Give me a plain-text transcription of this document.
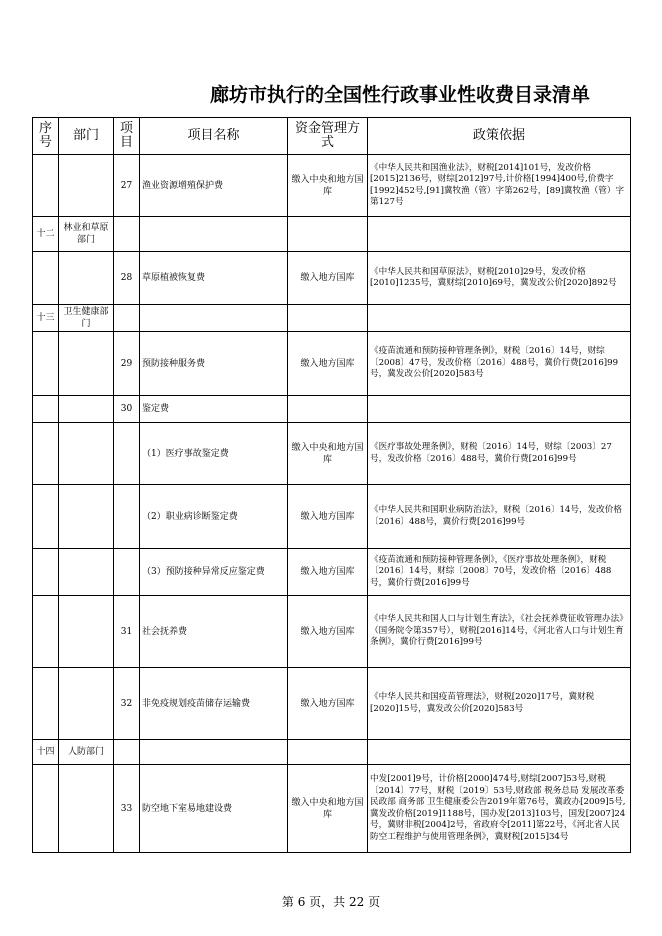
廊坊市执行的全国性行政事业性收费目录清单
序号	部门	项目	项目名称	资金管理方式	政策依据
		27	渔业资源增殖保护费	缴入中央和地方国库	《中华人民共和国渔业法》，财税[2014]101号，发改价格[2015]2136号，财综[2012]97号,计价格[1994]400号,价费字[1992]452号,[91]冀牧渔（管）字第262号，[89]冀牧渔（管）字第127号
十二	林业和草原部门				
		28	草原植被恢复费	缴入地方国库	《中华人民共和国草原法》，财税[2010]29号，发改价格[2010]1235号，冀财综[2010]69号，冀发改公价[2020]892号
十三	卫生健康部门				
		29	预防接种服务费	缴入地方国库	《疫苗流通和预防接种管理条例》，财税〔2016〕14号，财综〔2008〕47号，发改价格〔2016〕488号，冀价行费[2016]99号，冀发改公价[2020]583号
		30	鉴定费		
			（1）医疗事故鉴定费	缴入中央和地方国库	《医疗事故处理条例》，财税〔2016〕14号，财综〔2003〕27号，发改价格〔2016〕488号，冀价行费[2016]99号
			（2）职业病诊断鉴定费	缴入地方国库	《中华人民共和国职业病防治法》，财税〔2016〕14号，发改价格〔2016〕488号，冀价行费[2016]99号
			（3）预防接种异常反应鉴定费	缴入地方国库	《疫苗流通和预防接种管理条例》，《医疗事故处理条例》，财税〔2016〕14号，财综〔2008〕70号，发改价格〔2016〕488号，冀价行费[2016]99号
		31	社会抚养费	缴入地方国库	《中华人民共和国人口与计划生育法》，《社会抚养费征收管理办法》（国务院令第357号），财税[2016]14号，《河北省人口与计划生育条例》，冀价行费[2016]99号
		32	非免疫规划疫苗储存运输费	缴入地方国库	《中华人民共和国疫苗管理法》，财税[2020]17号，冀财税[2020]15号，冀发改公价[2020]583号
十四	人防部门				
		33	防空地下室易地建设费	缴入中央和地方国库	中发[2001]9号，计价格[2000]474号,财综[2007]53号,财税〔2014〕77号，财税〔2019〕53号,财政部 税务总局 发展改革委 民政部 商务部 卫生健康委公告2019年第76号，冀政办[2009]5号,冀发改价格[2019]1188号，国办发[2013]103号，国发[2007]24号，冀财非税[2004]2号，省政府令[2011]第22号，《河北省人民防空工程维护与使用管理条例》，冀财税[2015]34号
第 6 页，共 22 页
